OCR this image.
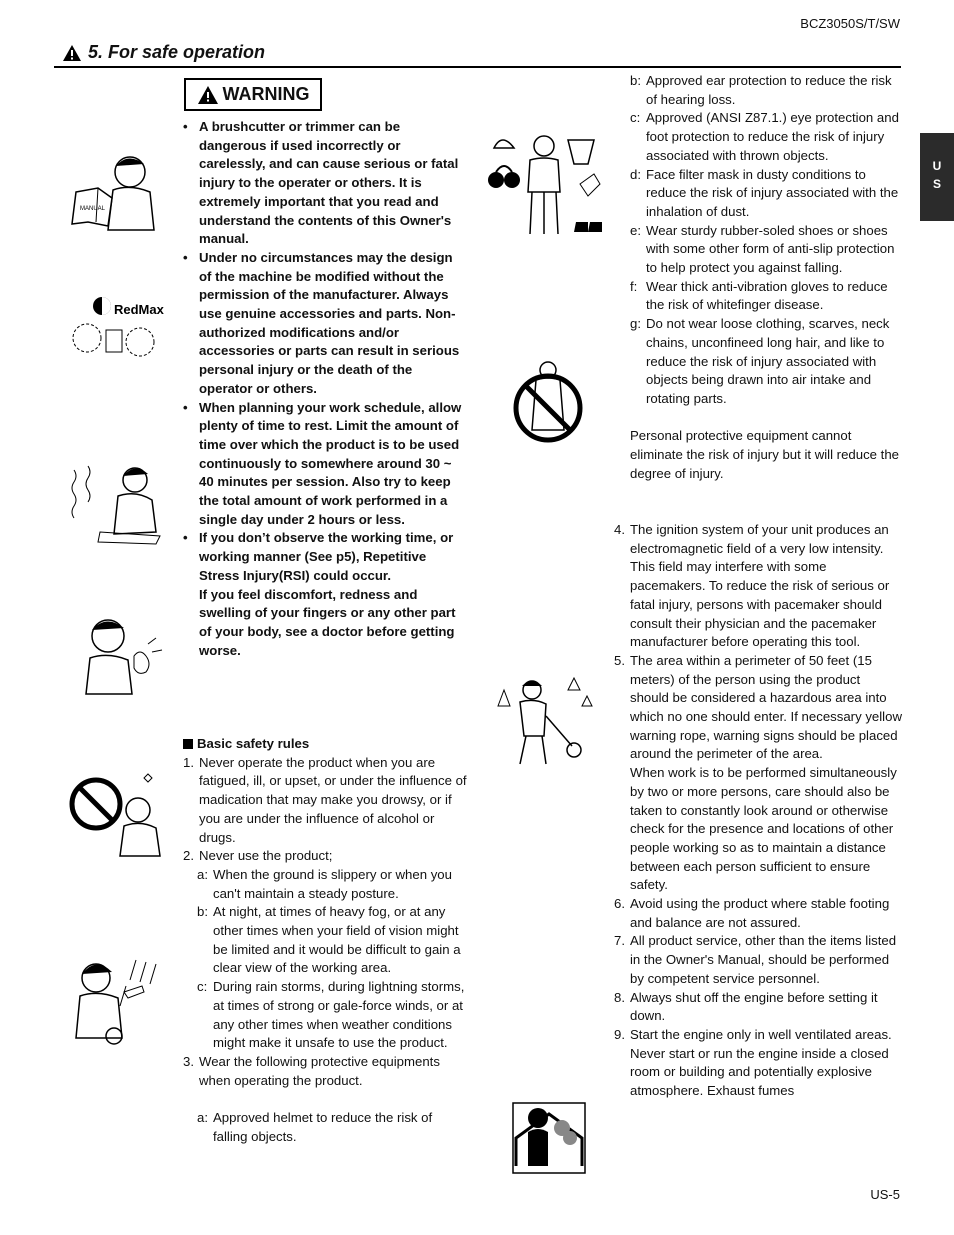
BCZ3050S/T/SW
5. For safe operation
U
S
WARNING
• A brushcutter or trimmer can be dangerous if used incorrectly or carelessly, and can cause serious or fatal injury to the operater or others. It is extremely important that you read and understand the contents of this Owner's manual.
• Under no circumstances may the design of the machine be modified without the permission of the manufacturer. Always use genuine accessories and parts. Non-authorized modifications and/or accessories or parts can result in serious personal injury or the death of the operator or others.
• When planning your work schedule, allow plenty of time to rest. Limit the amount of time over which the product is to be used continuously to somewhere around 30 ~ 40 minutes per session. Also try to keep the total amount of work performed in a single day under 2 hours or less.
• If you don’t observe the working time, or working manner (See p5), Repetitive Stress Injury(RSI) could occur.
If you feel discomfort, redness and swelling of your fingers or any other part of your body, see a doctor before getting worse.
Basic safety rules
1. Never operate the product when you are fatigued, ill, or upset, or under the influence of madication that may make you drowsy, or if you are under the influence of alcohol or drugs.
2. Never use the product;
a: When the ground is slippery or when you can't maintain a steady posture.
b: At night, at times of heavy fog, or at any other times when your field of vision might be limited and it would be difficult to gain a clear view of the working area.
c: During rain storms, during lightning storms, at times of strong or gale-force winds, or at any other times when weather conditions might make it unsafe to use the product.
3. Wear the following protective equipments when operating the product.
a: Approved helmet to reduce the risk of falling objects.
b: Approved ear protection to reduce the risk of hearing loss.
c: Approved (ANSI Z87.1.) eye protection and foot protection to reduce the risk of injury associated with thrown objects.
d: Face filter mask in dusty conditions to reduce the risk of injury associated with the inhalation of dust.
e: Wear sturdy rubber-soled shoes or shoes with some other form of anti-slip protection to help protect you against falling.
f: Wear thick anti-vibration gloves to reduce the risk of whitefinger disease.
g: Do not wear loose clothing, scarves, neck chains, unconfineed long hair, and like to reduce the risk of injury associated with objects being drawn into air intake and rotating parts.
Personal protective equipment cannot eliminate the risk of injury but it will reduce the degree of injury.
4. The ignition system of your unit produces an electromagnetic field of a very low intensity. This field may interfere with some pacemakers. To reduce the risk of serious or fatal injury, persons with pacemaker should consult their physician and the pacemaker manufacturer before operating this tool.
5. The area within a perimeter of 50 feet (15 meters) of the person using the product should be considered a hazardous area into which no one should enter. If necessary yellow warning rope, warning signs should be placed around the perimeter of the area.
When work is to be performed simultaneously by two or more persons, care should also be taken to constantly look around or otherwise check for the presence and locations of other people working so as to maintain a distance between each person sufficient to ensure safety.
6. Avoid using the product where stable footing and balance are not assured.
7. All product service, other than the items listed in the Owner's Manual, should be performed by competent service personnel.
8. Always shut off the engine before setting it down.
9. Start the engine only in well ventilated areas. Never start or run the engine inside a closed room or building and potentially explosive atmosphere. Exhaust fumes
MANUAL
RedMax
US-5
